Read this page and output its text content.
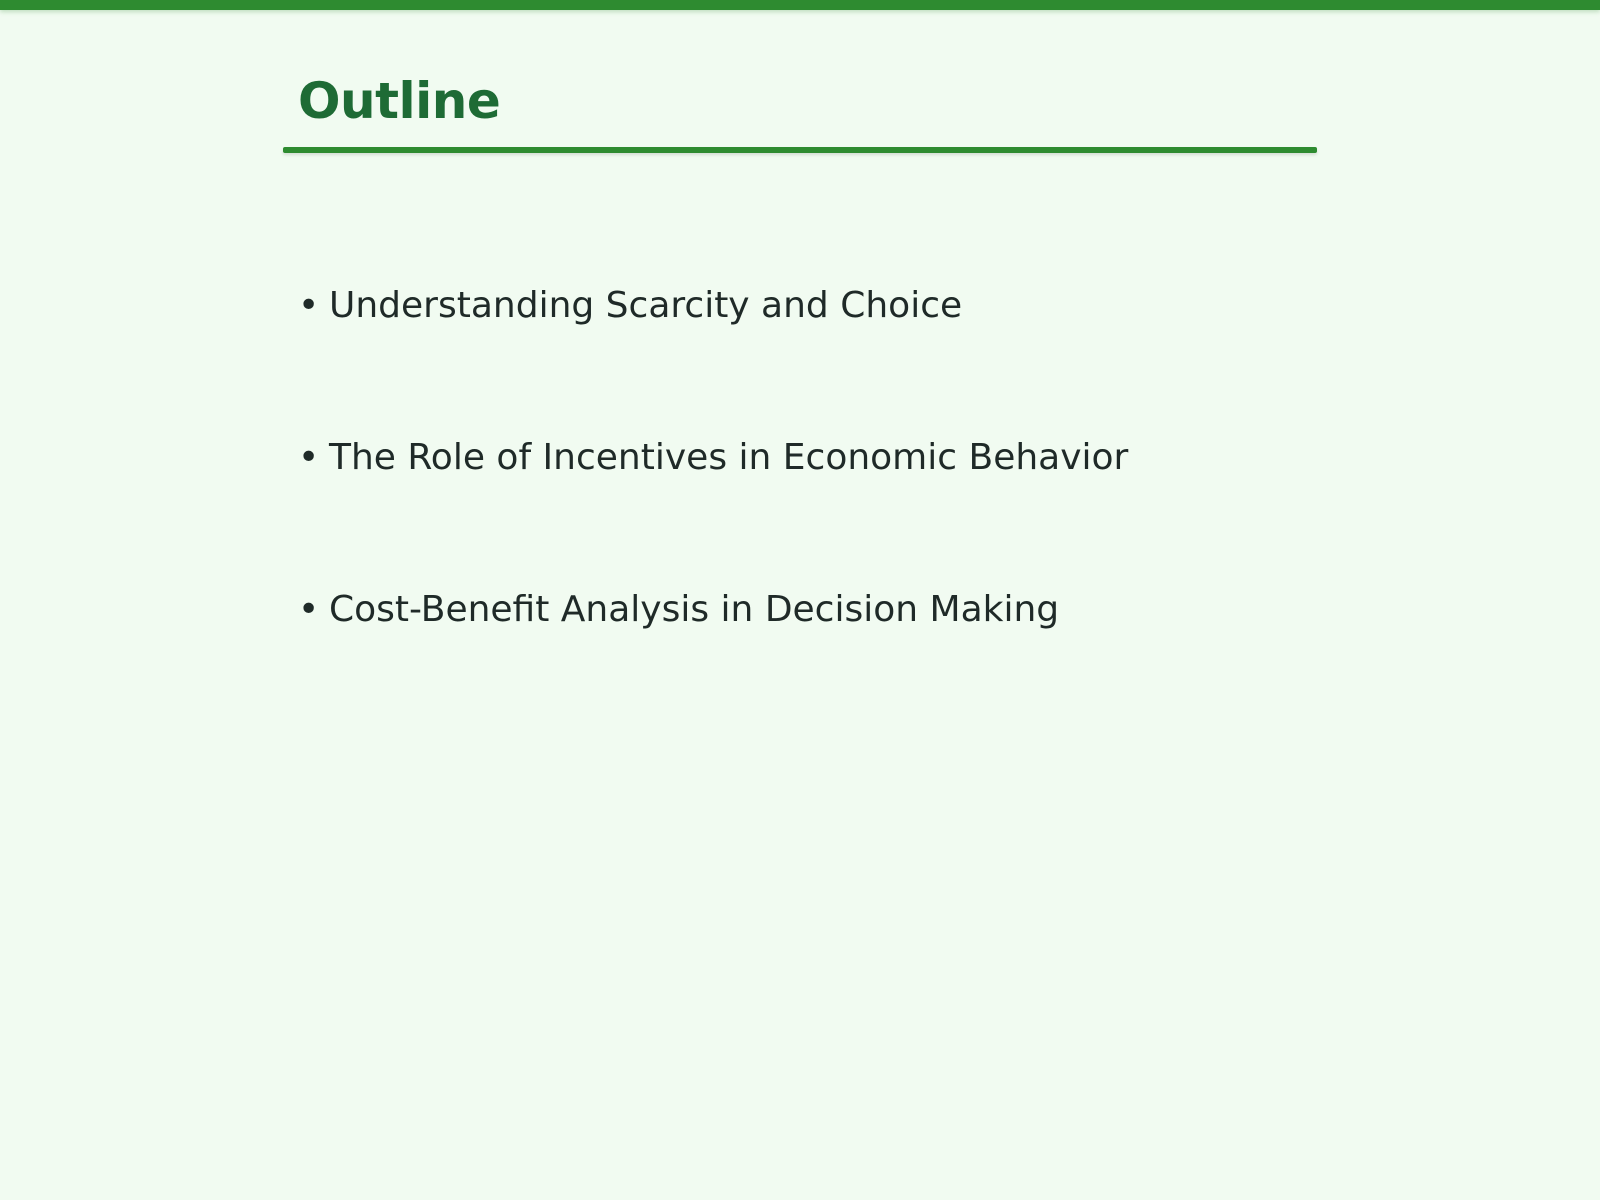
Outline
• Understanding Scarcity and Choice
• The Role of Incentives in Economic Behavior
• Cost-Benefit Analysis in Decision Making
